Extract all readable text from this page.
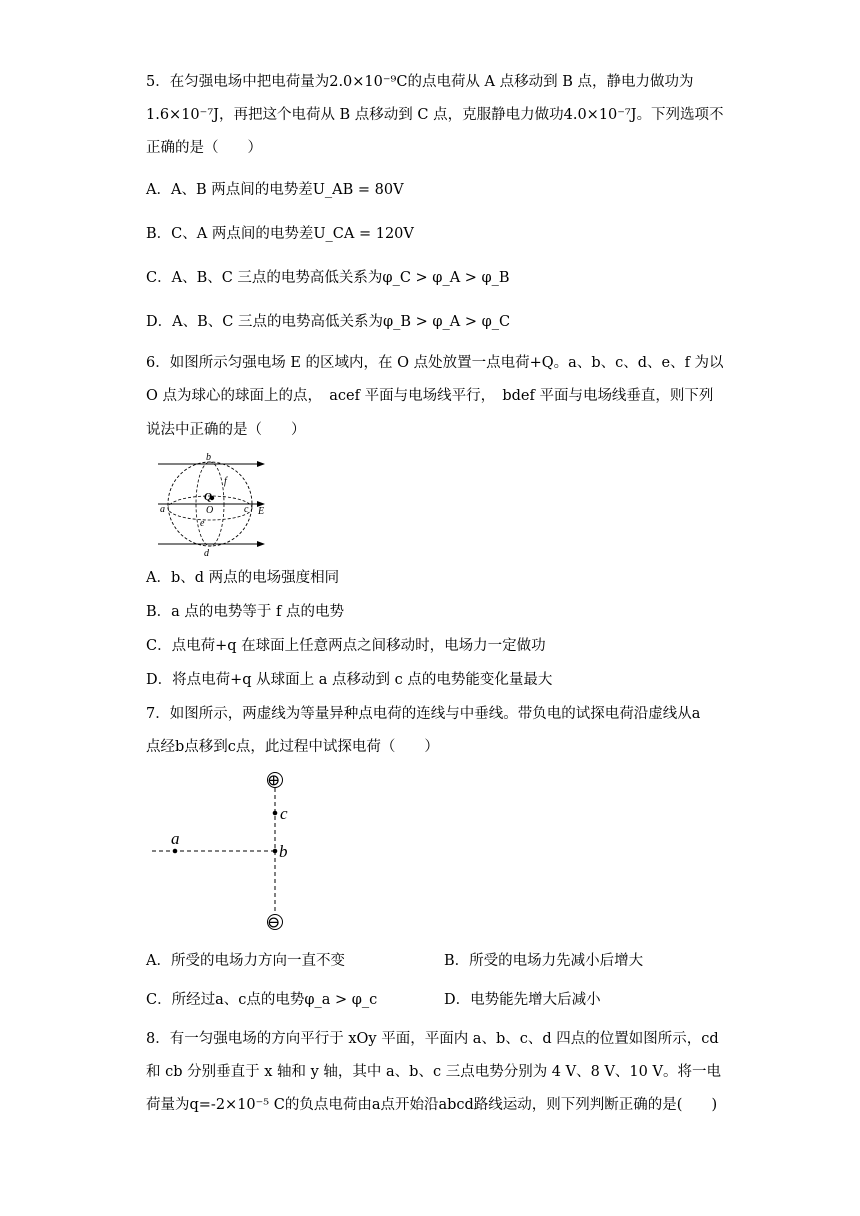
5．在匀强电场中把电荷量为2.0×10⁻⁹C的点电荷从 A 点移动到 B 点，静电力做功为
1.6×10⁻⁷J，再把这个电荷从 B 点移动到 C 点，克服静电力做功4.0×10⁻⁷J。下列选项不
正确的是（　　）
A．A、B 两点间的电势差U_AB = 80V
B．C、A 两点间的电势差U_CA = 120V
C．A、B、C 三点的电势高低关系为φ_C > φ_A > φ_B
D．A、B、C 三点的电势高低关系为φ_B > φ_A > φ_C
6．如图所示匀强电场 E 的区域内，在 O 点处放置一点电荷+Q。a、b、c、d、e、f 为以
O 点为球心的球面上的点，　acef 平面与电场线平行，　bdef 平面与电场线垂直，则下列
说法中正确的是（　　）
b
f
Q
O
a	c E
e
d
A．b、d 两点的电场强度相同
B．a 点的电势等于 f 点的电势
C．点电荷+q 在球面上任意两点之间移动时，电场力一定做功
D．将点电荷+q 从球面上 a 点移动到 c 点的电势能变化量最大
7．如图所示，两虚线为等量异种点电荷的连线与中垂线。带负电的试探电荷沿虚线从a
点经b点移到c点，此过程中试探电荷（　　）
⊕
c
a
b
⊖
A．所受的电场力方向一直不变	B．所受的电场力先减小后增大
C．所经过a、c点的电势φ_a > φ_c	D．电势能先增大后减小
8．有一匀强电场的方向平行于 xOy 平面，平面内 a、b、c、d 四点的位置如图所示，cd
和 cb 分别垂直于 x 轴和 y 轴，其中 a、b、c 三点电势分别为 4 V、8 V、10 V。将一电
荷量为q=-2×10⁻⁵ C的负点电荷由a点开始沿abcd路线运动，则下列判断正确的是(　　)
